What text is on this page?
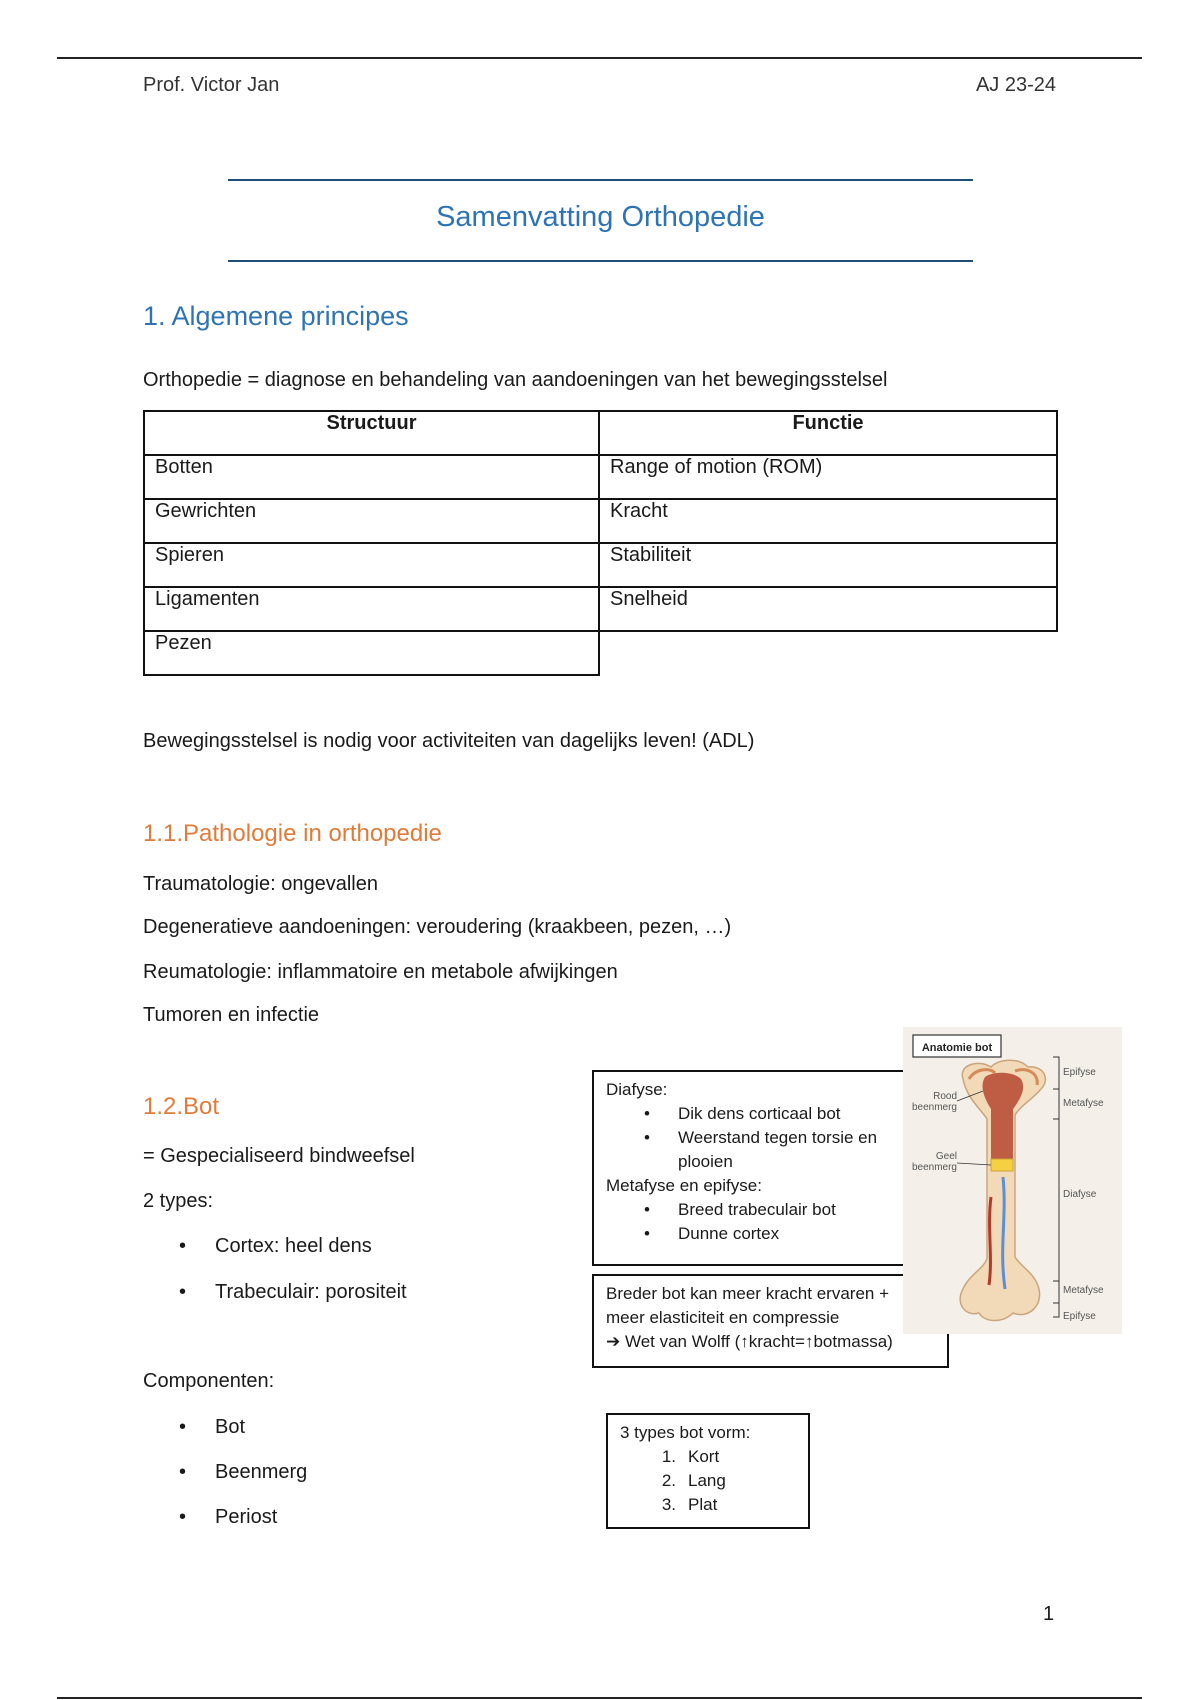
Prof. Victor Jan	AJ 23-24
Samenvatting Orthopedie
1. Algemene principes
Orthopedie = diagnose en behandeling van aandoeningen van het bewegingsstelsel
Structuur	Functie
Botten	Range of motion (ROM)
Gewrichten	Kracht
Spieren	Stabiliteit
Ligamenten	Snelheid
Pezen	
Bewegingsstelsel is nodig voor activiteiten van dagelijks leven! (ADL)
1.1.Pathologie in orthopedie
Traumatologie: ongevallen
Degeneratieve aandoeningen: veroudering (kraakbeen, pezen, …)
Reumatologie: inflammatoire en metabole afwijkingen
Tumoren en infectie
1.2.Bot
= Gespecialiseerd bindweefsel
2 types:
• Cortex: heel dens
• Trabeculair: porositeit
Componenten:
• Bot
• Beenmerg
• Periost
Diafyse:
• Dik dens corticaal bot
• Weerstand tegen torsie en plooien
Metafyse en epifyse:
• Breed trabeculair bot
• Dunne cortex
Breder bot kan meer kracht ervaren +
meer elasticiteit en compressie
➔ Wet van Wolff (↑kracht=↑botmassa)
3 types bot vorm:
1. Kort
2. Lang
3. Plat
Anatomie bot
Rood
beenmerg
Geel
beenmerg
Epifyse
Metafyse
Diafyse
Metafyse
Epifyse
1
